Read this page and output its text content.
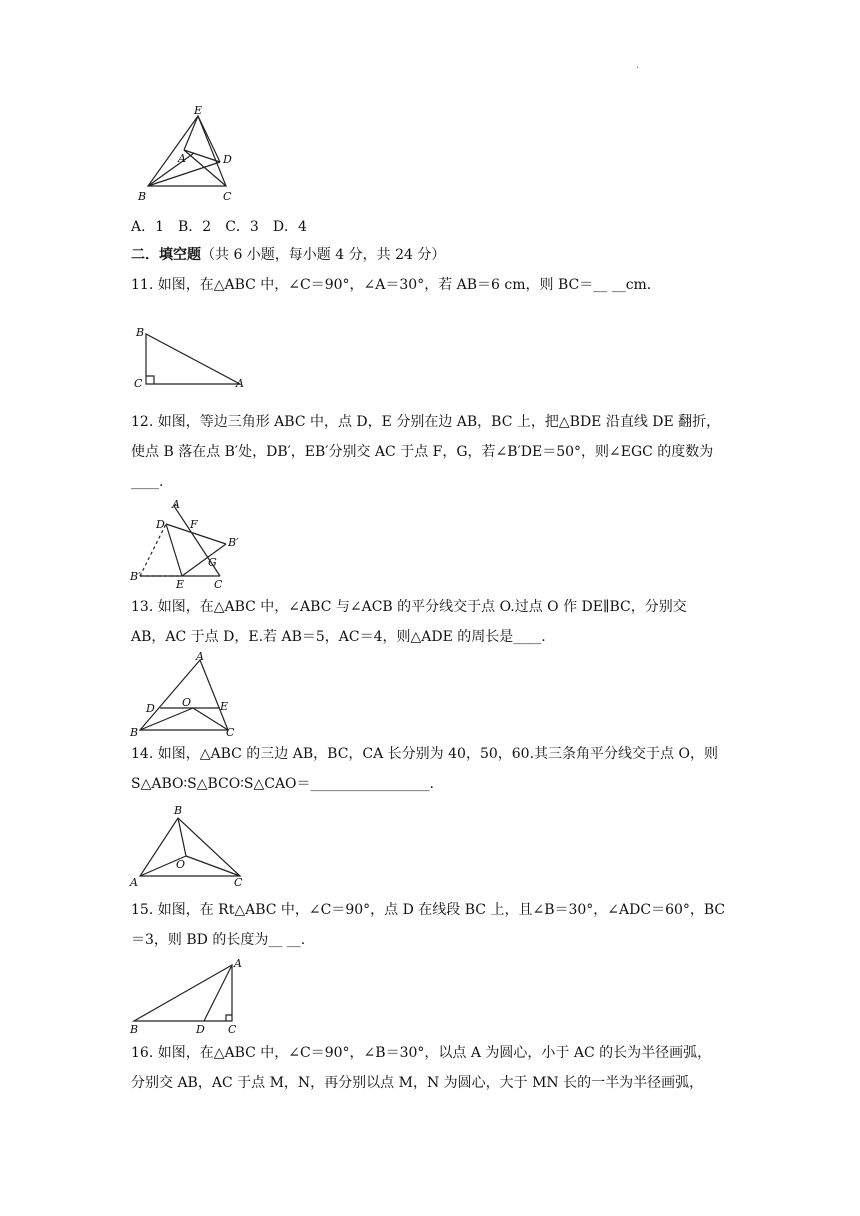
.
E
A	D
B	C
A．1　B．2　C．3　D．4
二．填空题（共 6 小题，每小题 4 分，共 24 分）
11. 如图，在△ABC 中，∠C＝90°，∠A＝30°，若 AB＝6 cm，则 BC＝__ __cm.
B
C	A
12. 如图，等边三角形 ABC 中，点 D，E 分别在边 AB，BC 上，把△BDE 沿直线 DE 翻折，
使点 B 落在点 B′处，DB′，EB′分别交 AC 于点 F，G，若∠B′DE＝50°，则∠EGC 的度数为
____.
A
D F
B′
G
B′
E	C
13. 如图，在△ABC 中，∠ABC 与∠ACB 的平分线交于点 O.过点 O 作 DE∥BC，分别交
AB，AC 于点 D，E.若 AB＝5，AC＝4，则△ADE 的周长是____.
A
D O	E
B	C
14. 如图，△ABC 的三边 AB，BC，CA 长分别为 40，50，60.其三条角平分线交于点 O，则
S△ABO∶S△BCO∶S△CAO＝_________________.
B
O
A	C
15. 如图，在 Rt△ABC 中，∠C＝90°，点 D 在线段 BC 上，且∠B＝30°，∠ADC＝60°，BC
＝3，则 BD 的长度为__ __.
A
B	D C
16. 如图，在△ABC 中，∠C＝90°，∠B＝30°，以点 A 为圆心，小于 AC 的长为半径画弧，
分别交 AB，AC 于点 M，N，再分别以点 M，N 为圆心，大于 MN 长的一半为半径画弧，
